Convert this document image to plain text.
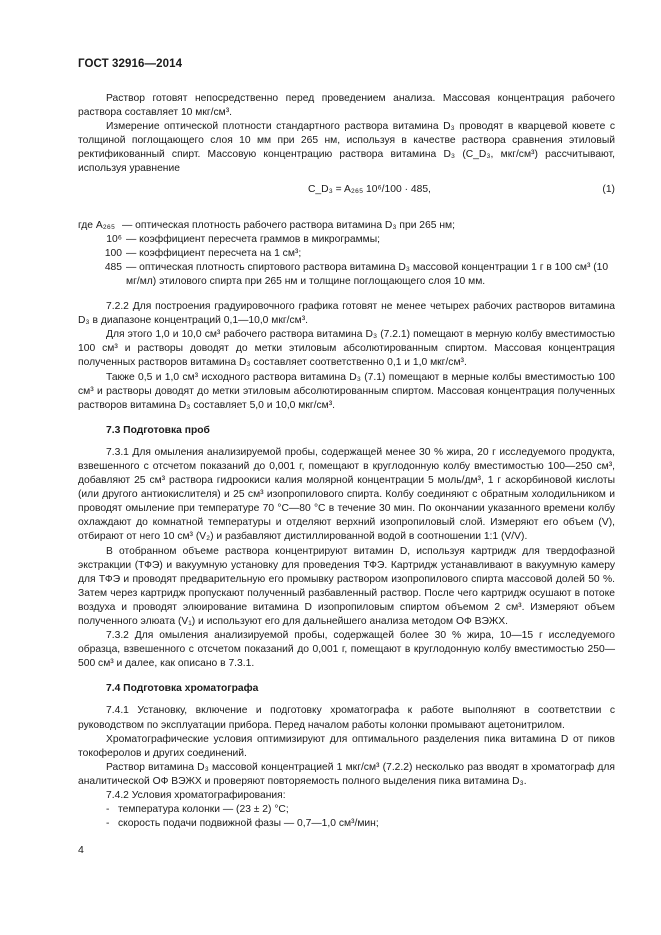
ГОСТ 32916—2014

Раствор готовят непосредственно перед проведением анализа. Массовая концентрация рабочего раствора составляет 10 мкг/см³.

Измерение оптической плотности стандартного раствора витамина D₃ проводят в кварцевой кювете с толщиной поглощающего слоя 10 мм при 265 нм, используя в качестве раствора сравнения этиловый ректификованный спирт. Массовую концентрацию раствора витамина D₃ (C_D₃, мкг/см³) рассчитывают, используя уравнение

C_D₃ = A₂₆₅ 10⁶/100 · 485,	(1)
где A₂₆₅ — оптическая плотность рабочего раствора витамина D₃ при 265 нм;
10⁶ — коэффициент пересчета граммов в микрограммы;
100 — коэффициент пересчета на 1 см³;
485 — оптическая плотность спиртового раствора витамина D₃ массовой концентрации 1 г в 100 см³ (10 мг/мл) этилового спирта при 265 нм и толщине поглощающего слоя 10 мм.

7.2.2 Для построения градуировочного графика готовят не менее четырех рабочих растворов витамина D₃ в диапазоне концентраций 0,1—10,0 мкг/см³.

Для этого 1,0 и 10,0 см³ рабочего раствора витамина D₃ (7.2.1) помещают в мерную колбу вместимостью 100 см³ и растворы доводят до метки этиловым абсолютированным спиртом. Массовая концентрация полученных растворов витамина D₃ составляет соответственно 0,1 и 1,0 мкг/см³.

Также 0,5 и 1,0 см³ исходного раствора витамина D₃ (7.1) помещают в мерные колбы вместимостью 100 см³ и растворы доводят до метки этиловым абсолютированным спиртом. Массовая концентрация полученных растворов витамина D₃ составляет 5,0 и 10,0 мкг/см³.

7.3 Подготовка проб

7.3.1 Для омыления анализируемой пробы, содержащей менее 30 % жира, 20 г исследуемого продукта, взвешенного с отсчетом показаний до 0,001 г, помещают в круглодонную колбу вместимостью 100—250 см³, добавляют 25 см³ раствора гидроокиси калия молярной концентрации 5 моль/дм³, 1 г аскорбиновой кислоты (или другого антиокислителя) и 25 см³ изопропилового спирта. Колбу соединяют с обратным холодильником и проводят омыление при температуре 70 °C—80 °C в течение 30 мин. По окончании указанного времени колбу охлаждают до комнатной температуры и отделяют верхний изопропиловый слой. Измеряют его объем (V), отбирают от него 10 см³ (V₂) и разбавляют дистиллированной водой в соотношении 1:1 (V/V).

В отобранном объеме раствора концентрируют витамин D, используя картридж для твердофазной экстракции (ТФЭ) и вакуумную установку для проведения ТФЭ. Картридж устанавливают в вакуумную камеру для ТФЭ и проводят предварительную его промывку раствором изопропилового спирта массовой долей 50 %. Затем через картридж пропускают полученный разбавленный раствор. После чего картридж осушают в потоке воздуха и проводят элюирование витамина D изопропиловым спиртом объемом 2 см³. Измеряют объем полученного элюата (V₁) и используют его для дальнейшего анализа методом ОФ ВЭЖХ.

7.3.2 Для омыления анализируемой пробы, содержащей более 30 % жира, 10—15 г исследуемого образца, взвешенного с отсчетом показаний до 0,001 г, помещают в круглодонную колбу вместимостью 250—500 см³ и далее, как описано в 7.3.1.

7.4 Подготовка хроматографа

7.4.1 Установку, включение и подготовку хроматографа к работе выполняют в соответствии с руководством по эксплуатации прибора. Перед началом работы колонки промывают ацетонитрилом.

Хроматографические условия оптимизируют для оптимального разделения пика витамина D от пиков токоферолов и других соединений.

Раствор витамина D₃ массовой концентрацией 1 мкг/см³ (7.2.2) несколько раз вводят в хроматограф для аналитической ОФ ВЭЖХ и проверяют повторяемость полного выделения пика витамина D₃.

7.4.2 Условия хроматографирования:

- температура колонки — (23 ± 2) °C;
- скорость подачи подвижной фазы — 0,7—1,0 см³/мин;
4
